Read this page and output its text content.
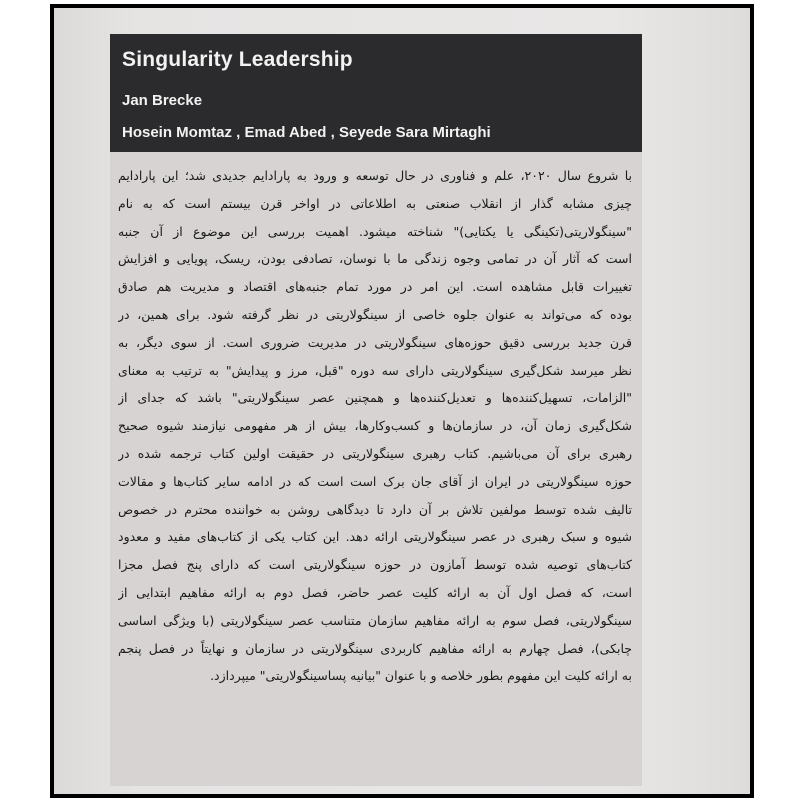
Singularity Leadership
Jan Brecke
Hosein Momtaz , Emad Abed , Seyede Sara Mirtaghi
با شروع سال ۲۰۲۰، علم و فناوری در حال توسعه و ورود به پارادایم جدیدی شد؛ این پارادایم
چیزی مشابه گذار از انقلاب صنعتی به اطلاعاتی در اواخر قرن بیستم است که به نام
"سینگولاریتی(تکینگی یا یکتایی)" شناخته میشود. اهمیت بررسی این موضوع از آن جنبه
است که آثار آن در تمامی وجوه زندگی ما با نوسان، تصادفی بودن، ریسک، پویایی و افزایش
تغییرات قابل مشاهده است. این امر در مورد تمام جنبه‌های اقتصاد و مدیریت هم صادق
بوده که می‌تواند به عنوان جلوه خاصی از سینگولاریتی در نظر گرفته شود. برای همین، در
قرن جدید بررسی دقیق حوزه‌های سینگولاریتی در مدیریت ضروری است. از سوی دیگر، به
نظر میرسد شکل‌گیری سینگولاریتی دارای سه دوره "قبل، مرز و پیدایش" به ترتیب به معنای
"الزامات، تسهیل‌کننده‌ها و تعدیل‌کننده‌ها و همچنین عصر سینگولاریتی" باشد که جدای از
شکل‌گیری زمان آن، در سازمان‌ها و کسب‌وکارها، بیش از هر مفهومی نیازمند شیوه صحیح
رهبری برای آن می‌باشیم. کتاب رهبری سینگولاریتی در حقیقت اولین کتاب ترجمه شده در
حوزه سینگولاریتی در ایران از آقای جان برک است است که در ادامه سایر کتاب‌ها و مقالات
تالیف شده توسط مولفین تلاش بر آن دارد تا دیدگاهی روشن به خواننده محترم در خصوص
شیوه و سبک رهبری در عصر سینگولاریتی ارائه دهد. این کتاب یکی از کتاب‌های مفید و معدود
کتاب‌های توصیه شده توسط آمازون در حوزه سینگولاریتی است که دارای پنج فصل مجزا
است، که فصل اول آن به ارائه کلیت عصر حاضر، فصل دوم به ارائه مفاهیم ابتدایی از
سینگولاریتی، فصل سوم به ارائه مفاهیم سازمان متناسب عصر سینگولاریتی (با ویژگی اساسی
چابکی)، فصل چهارم به ارائه مفاهیم کاربردی سینگولاریتی در سازمان و نهایتاً در فصل پنجم
به ارائه کلیت این مفهوم بطور خلاصه و با عنوان "بیانیه پساسینگولاریتی" میپردازد.
